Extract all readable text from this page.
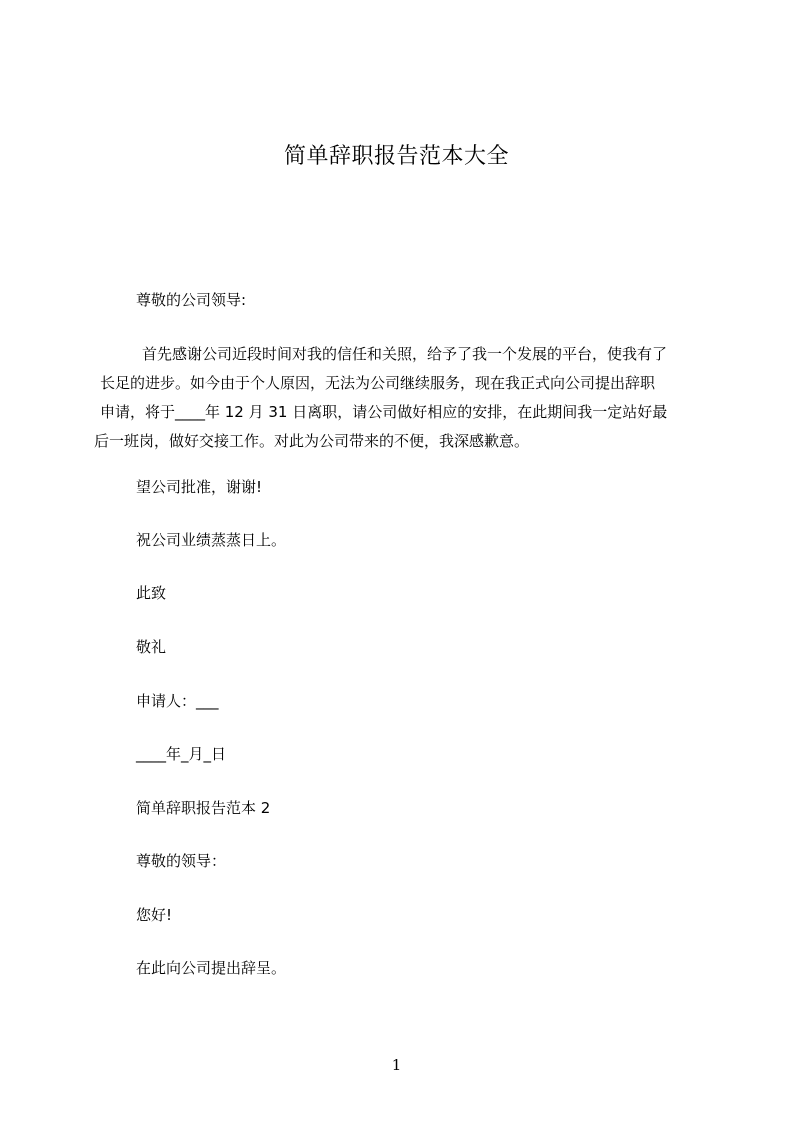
简单辞职报告范本大全
尊敬的公司领导:
首先感谢公司近段时间对我的信任和关照，给予了我一个发展的平台，使我有了
长足的进步。如今由于个人原因，无法为公司继续服务，现在我正式向公司提出辞职
申请，将于____年 12 月 31 日离职，请公司做好相应的安排，在此期间我一定站好最
后一班岗，做好交接工作。对此为公司带来的不便，我深感歉意。
望公司批准，谢谢!
祝公司业绩蒸蒸日上。
此致
敬礼
申请人：___
____年_月_日
简单辞职报告范本 2
尊敬的领导：
您好!
在此向公司提出辞呈。
1
